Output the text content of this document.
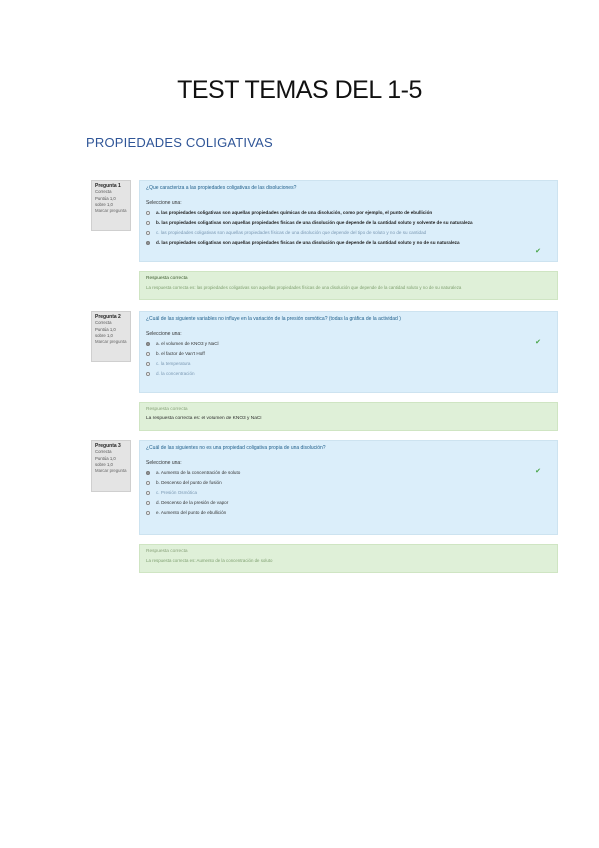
TEST TEMAS DEL 1-5
PROPIEDADES COLIGATIVAS
Pregunta 1
Correcta
Puntúa 1,0
sobre 1,0
Marcar pregunta
¿Que caracteriza a las propiedades coligativas de las disoluciones?
Seleccione una:
a. las propiedades coligativas son aquellas propiedades químicas de una disolución, como por ejemplo, el punto de ebullición
b. las propiedades coligativas son aquellas propiedades físicas de una disolución que depende de la cantidad soluto y solvente de su naturaleza
c. las propiedades coligativas son aquellas propiedades físicas de una disolución que depende del tipo de soluto y no de su cantidad
d. las propiedades coligativas son aquellas propiedades físicas de una disolución que depende de la cantidad soluto y no de su naturaleza
✔
Respuesta correcta
La respuesta correcta es: las propiedades coligativas son aquellas propiedades físicas de una disolución que depende de la cantidad soluto y no de su naturaleza
Pregunta 2
Correcta
Puntúa 1,0
sobre 1,0
Marcar pregunta
¿Cuál de las siguiente variables no influye en la variación de la presión osmótica? (todas la gráfica de la actividad )
Seleccione una:
a. el volumen de KNO3 y NaCl
b. el factor de Van't Hoff
c. la temperatura
d. la concentración
✔
Respuesta correcta
La respuesta correcta es: el volumen de KNO3 y NaCl
Pregunta 3
Correcta
Puntúa 1,0
sobre 1,0
Marcar pregunta
¿Cuál de las siguientes no es una propiedad coligativa propia de una disolución?
Seleccione una:
a. Aumento de la concentración de soluto
b. Descenso del punto de fusión
c. Presión Osmótica
d. Descenso de la presión de vapor
e. Aumento del punto de ebullición
✔
Respuesta correcta
La respuesta correcta es: Aumento de la concentración de soluto
